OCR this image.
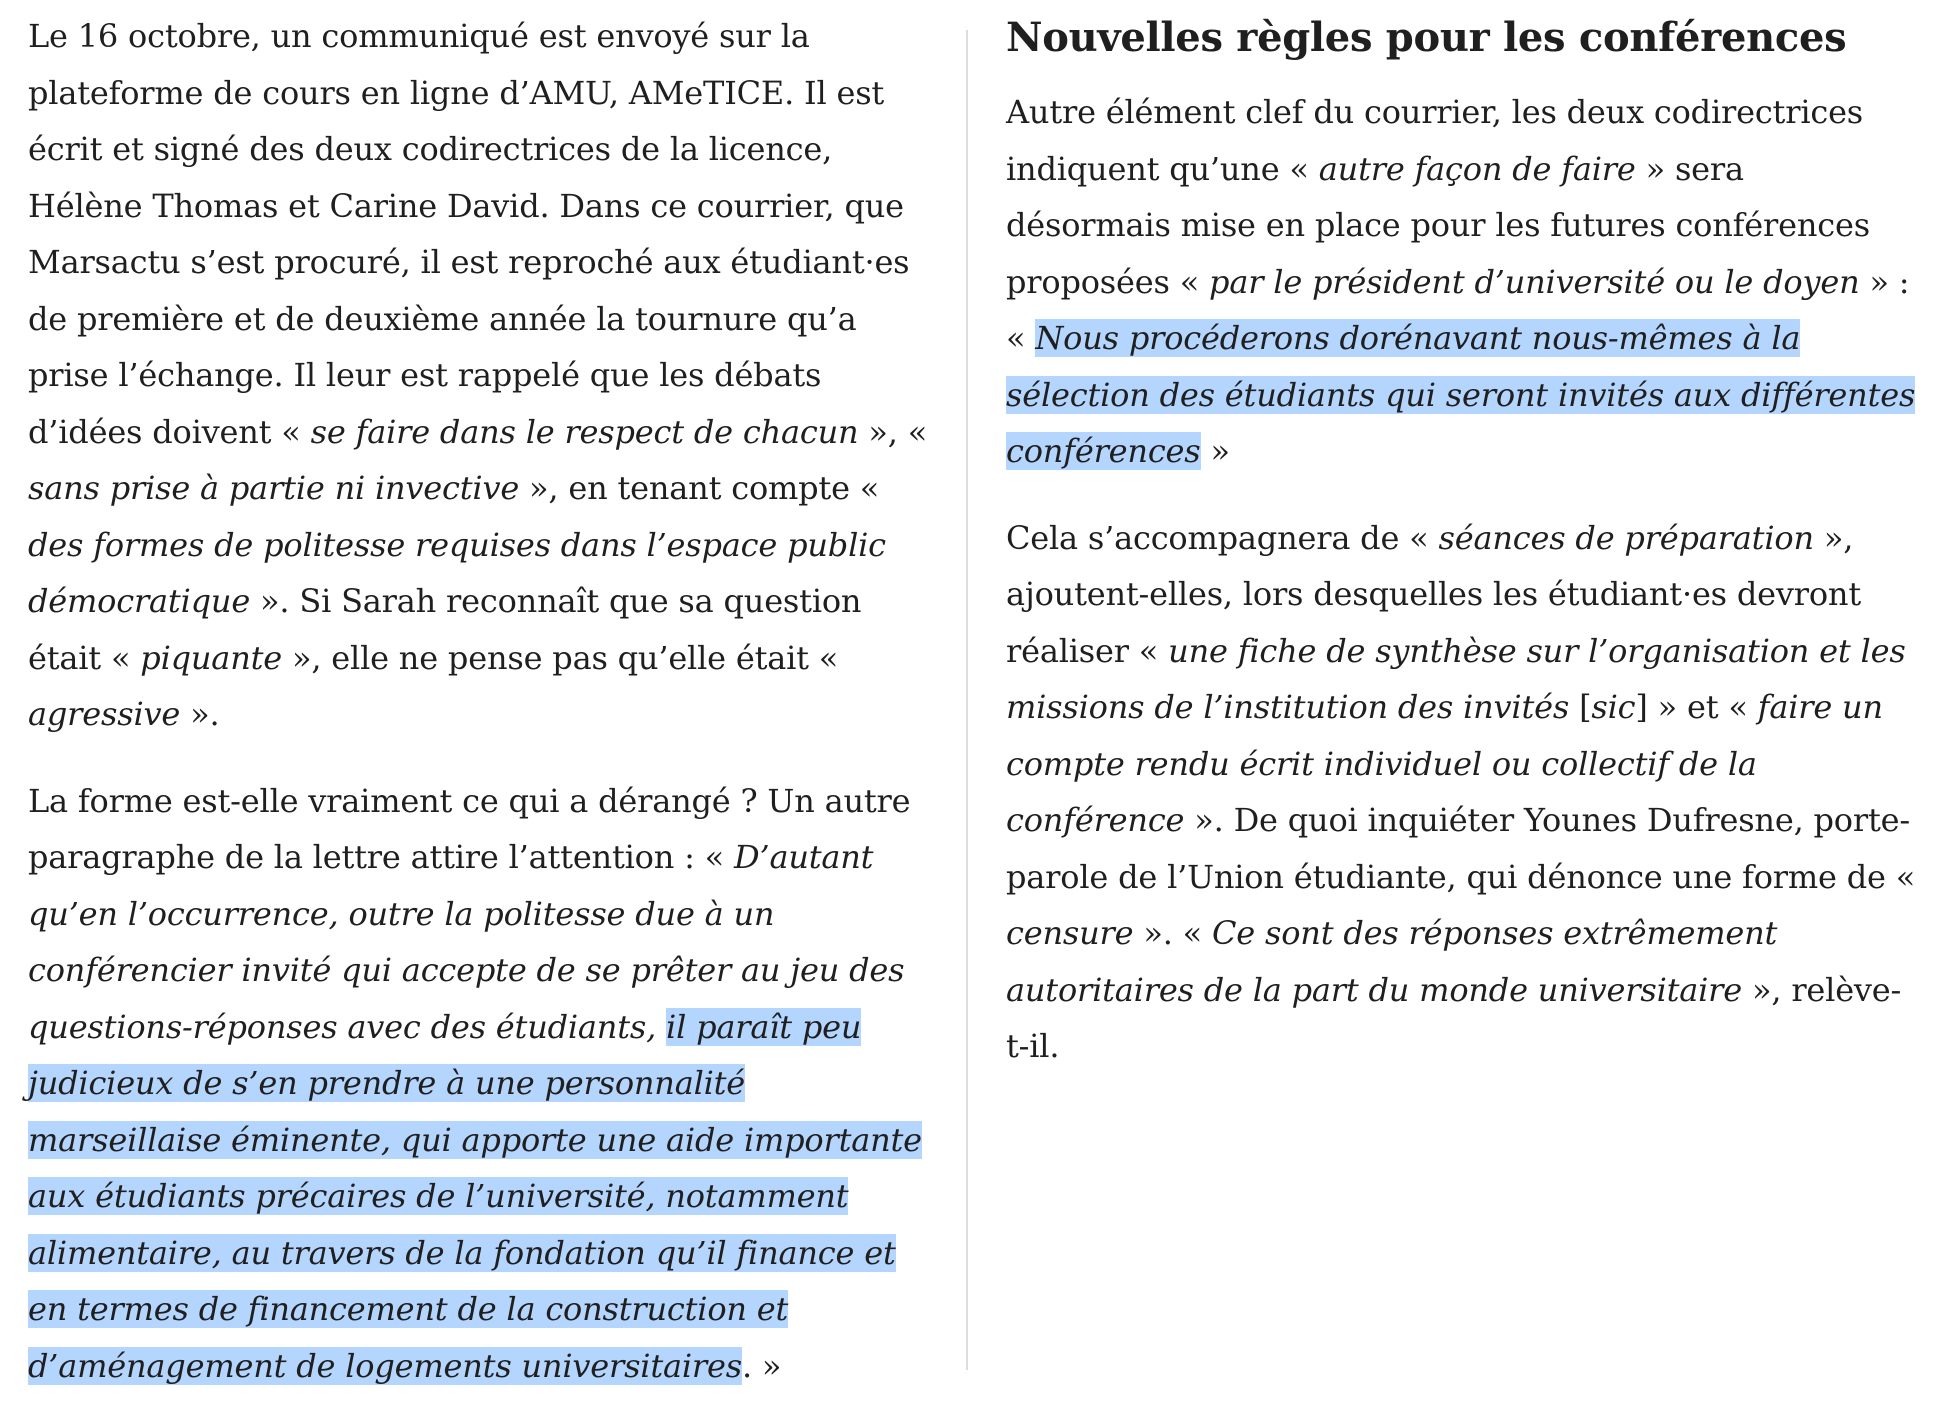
Le 16 octobre, un communiqué est envoyé sur la plateforme de cours en ligne d’AMU, AMeTICE. Il est écrit et signé des deux codirectrices de la licence, Hélène Thomas et Carine David. Dans ce courrier, que Marsactu s’est procuré, il est reproché aux étudiant·es de première et de deuxième année la tournure qu’a prise l’échange. Il leur est rappelé que les débats d’idées doivent « se faire dans le respect de chacun », « sans prise à partie ni invective », en tenant compte « des formes de politesse requises dans l’espace public démocratique ». Si Sarah reconnaît que sa question était « piquante », elle ne pense pas qu’elle était « agressive ».

La forme est-elle vraiment ce qui a dérangé ? Un autre paragraphe de la lettre attire l’attention : « D’autant qu’en l’occurrence, outre la politesse due à un conférencier invité qui accepte de se prêter au jeu des questions-réponses avec des étudiants, il paraît peu judicieux de s’en prendre à une personnalité marseillaise éminente, qui apporte une aide importante aux étudiants précaires de l’université, notamment alimentaire, au travers de la fondation qu’il finance et en termes de financement de la construction et d’aménagement de logements universitaires. »

Nouvelles règles pour les conférences

Autre élément clef du courrier, les deux codirectrices indiquent qu’une « autre façon de faire » sera désormais mise en place pour les futures conférences proposées « par le président d’université ou le doyen » : « Nous procéderons dorénavant nous-mêmes à la sélection des étudiants qui seront invités aux différentes conférences »

Cela s’accompagnera de « séances de préparation », ajoutent-elles, lors desquelles les étudiant·es devront réaliser « une fiche de synthèse sur l’organisation et les missions de l’institution des invités [sic] » et « faire un compte rendu écrit individuel ou collectif de la conférence ». De quoi inquiéter Younes Dufresne, porte-parole de l’Union étudiante, qui dénonce une forme de « censure ». « Ce sont des réponses extrêmement autoritaires de la part du monde universitaire », relève-t-il.
